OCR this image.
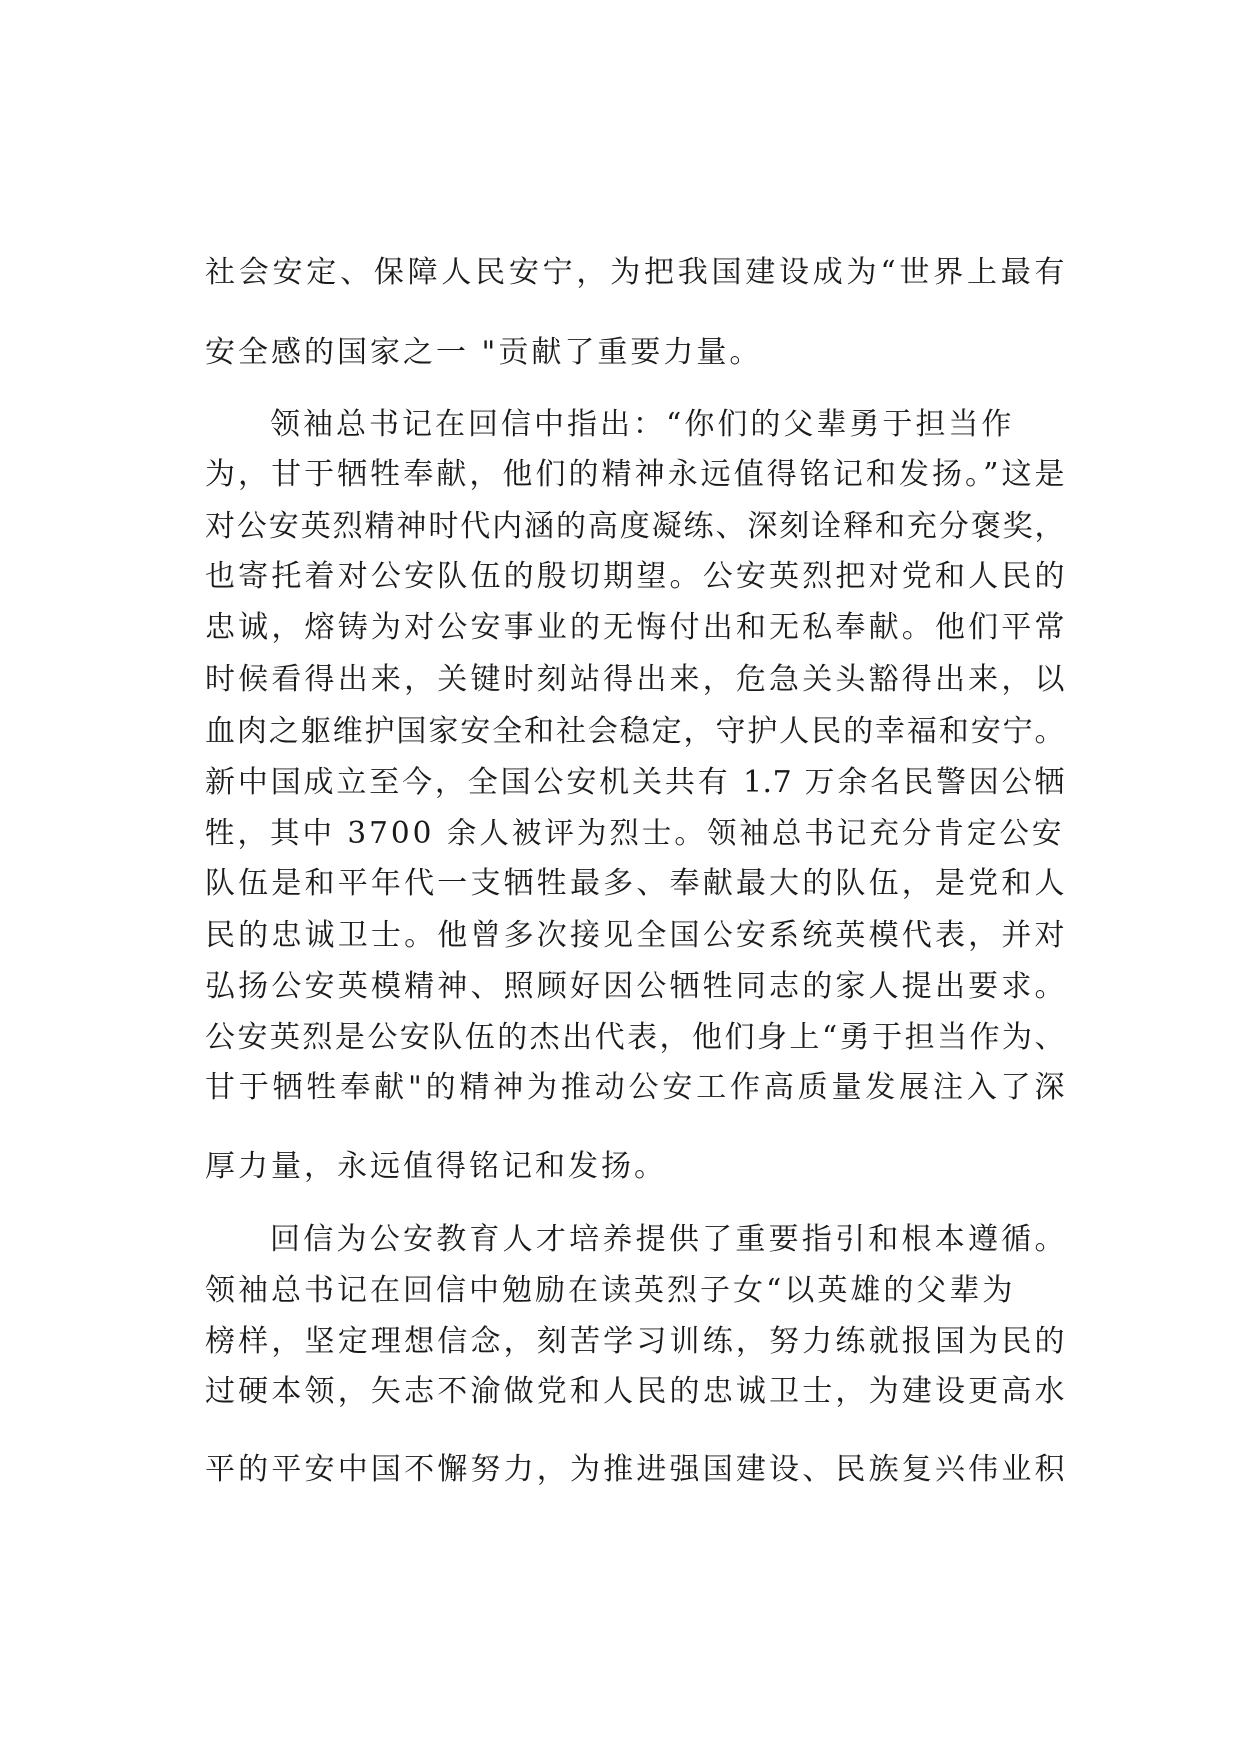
社会安定、保障人民安宁，为把我国建设成为“世界上最有
安全感的国家之一 "贡献了重要力量。
领袖总书记在回信中指出：“你们的父辈勇于担当作
为，甘于牺牲奉献，他们的精神永远值得铭记和发扬。”这是
对公安英烈精神时代内涵的高度凝练、深刻诠释和充分褒奖，
也寄托着对公安队伍的殷切期望。公安英烈把对党和人民的
忠诚，熔铸为对公安事业的无悔付出和无私奉献。他们平常
时候看得出来，关键时刻站得出来，危急关头豁得出来，以
血肉之躯维护国家安全和社会稳定，守护人民的幸福和安宁。
新中国成立至今，全国公安机关共有 1.7 万余名民警因公牺
牲，其中 3700 余人被评为烈士。领袖总书记充分肯定公安
队伍是和平年代一支牺牲最多、奉献最大的队伍，是党和人
民的忠诚卫士。他曾多次接见全国公安系统英模代表，并对
弘扬公安英模精神、照顾好因公牺牲同志的家人提出要求。
公安英烈是公安队伍的杰出代表，他们身上“勇于担当作为、
甘于牺牲奉献"的精神为推动公安工作高质量发展注入了深
厚力量，永远值得铭记和发扬。
回信为公安教育人才培养提供了重要指引和根本遵循。
领袖总书记在回信中勉励在读英烈子女“以英雄的父辈为
榜样，坚定理想信念，刻苦学习训练，努力练就报国为民的
过硬本领，矢志不渝做党和人民的忠诚卫士，为建设更高水
平的平安中国不懈努力，为推进强国建设、民族复兴伟业积
